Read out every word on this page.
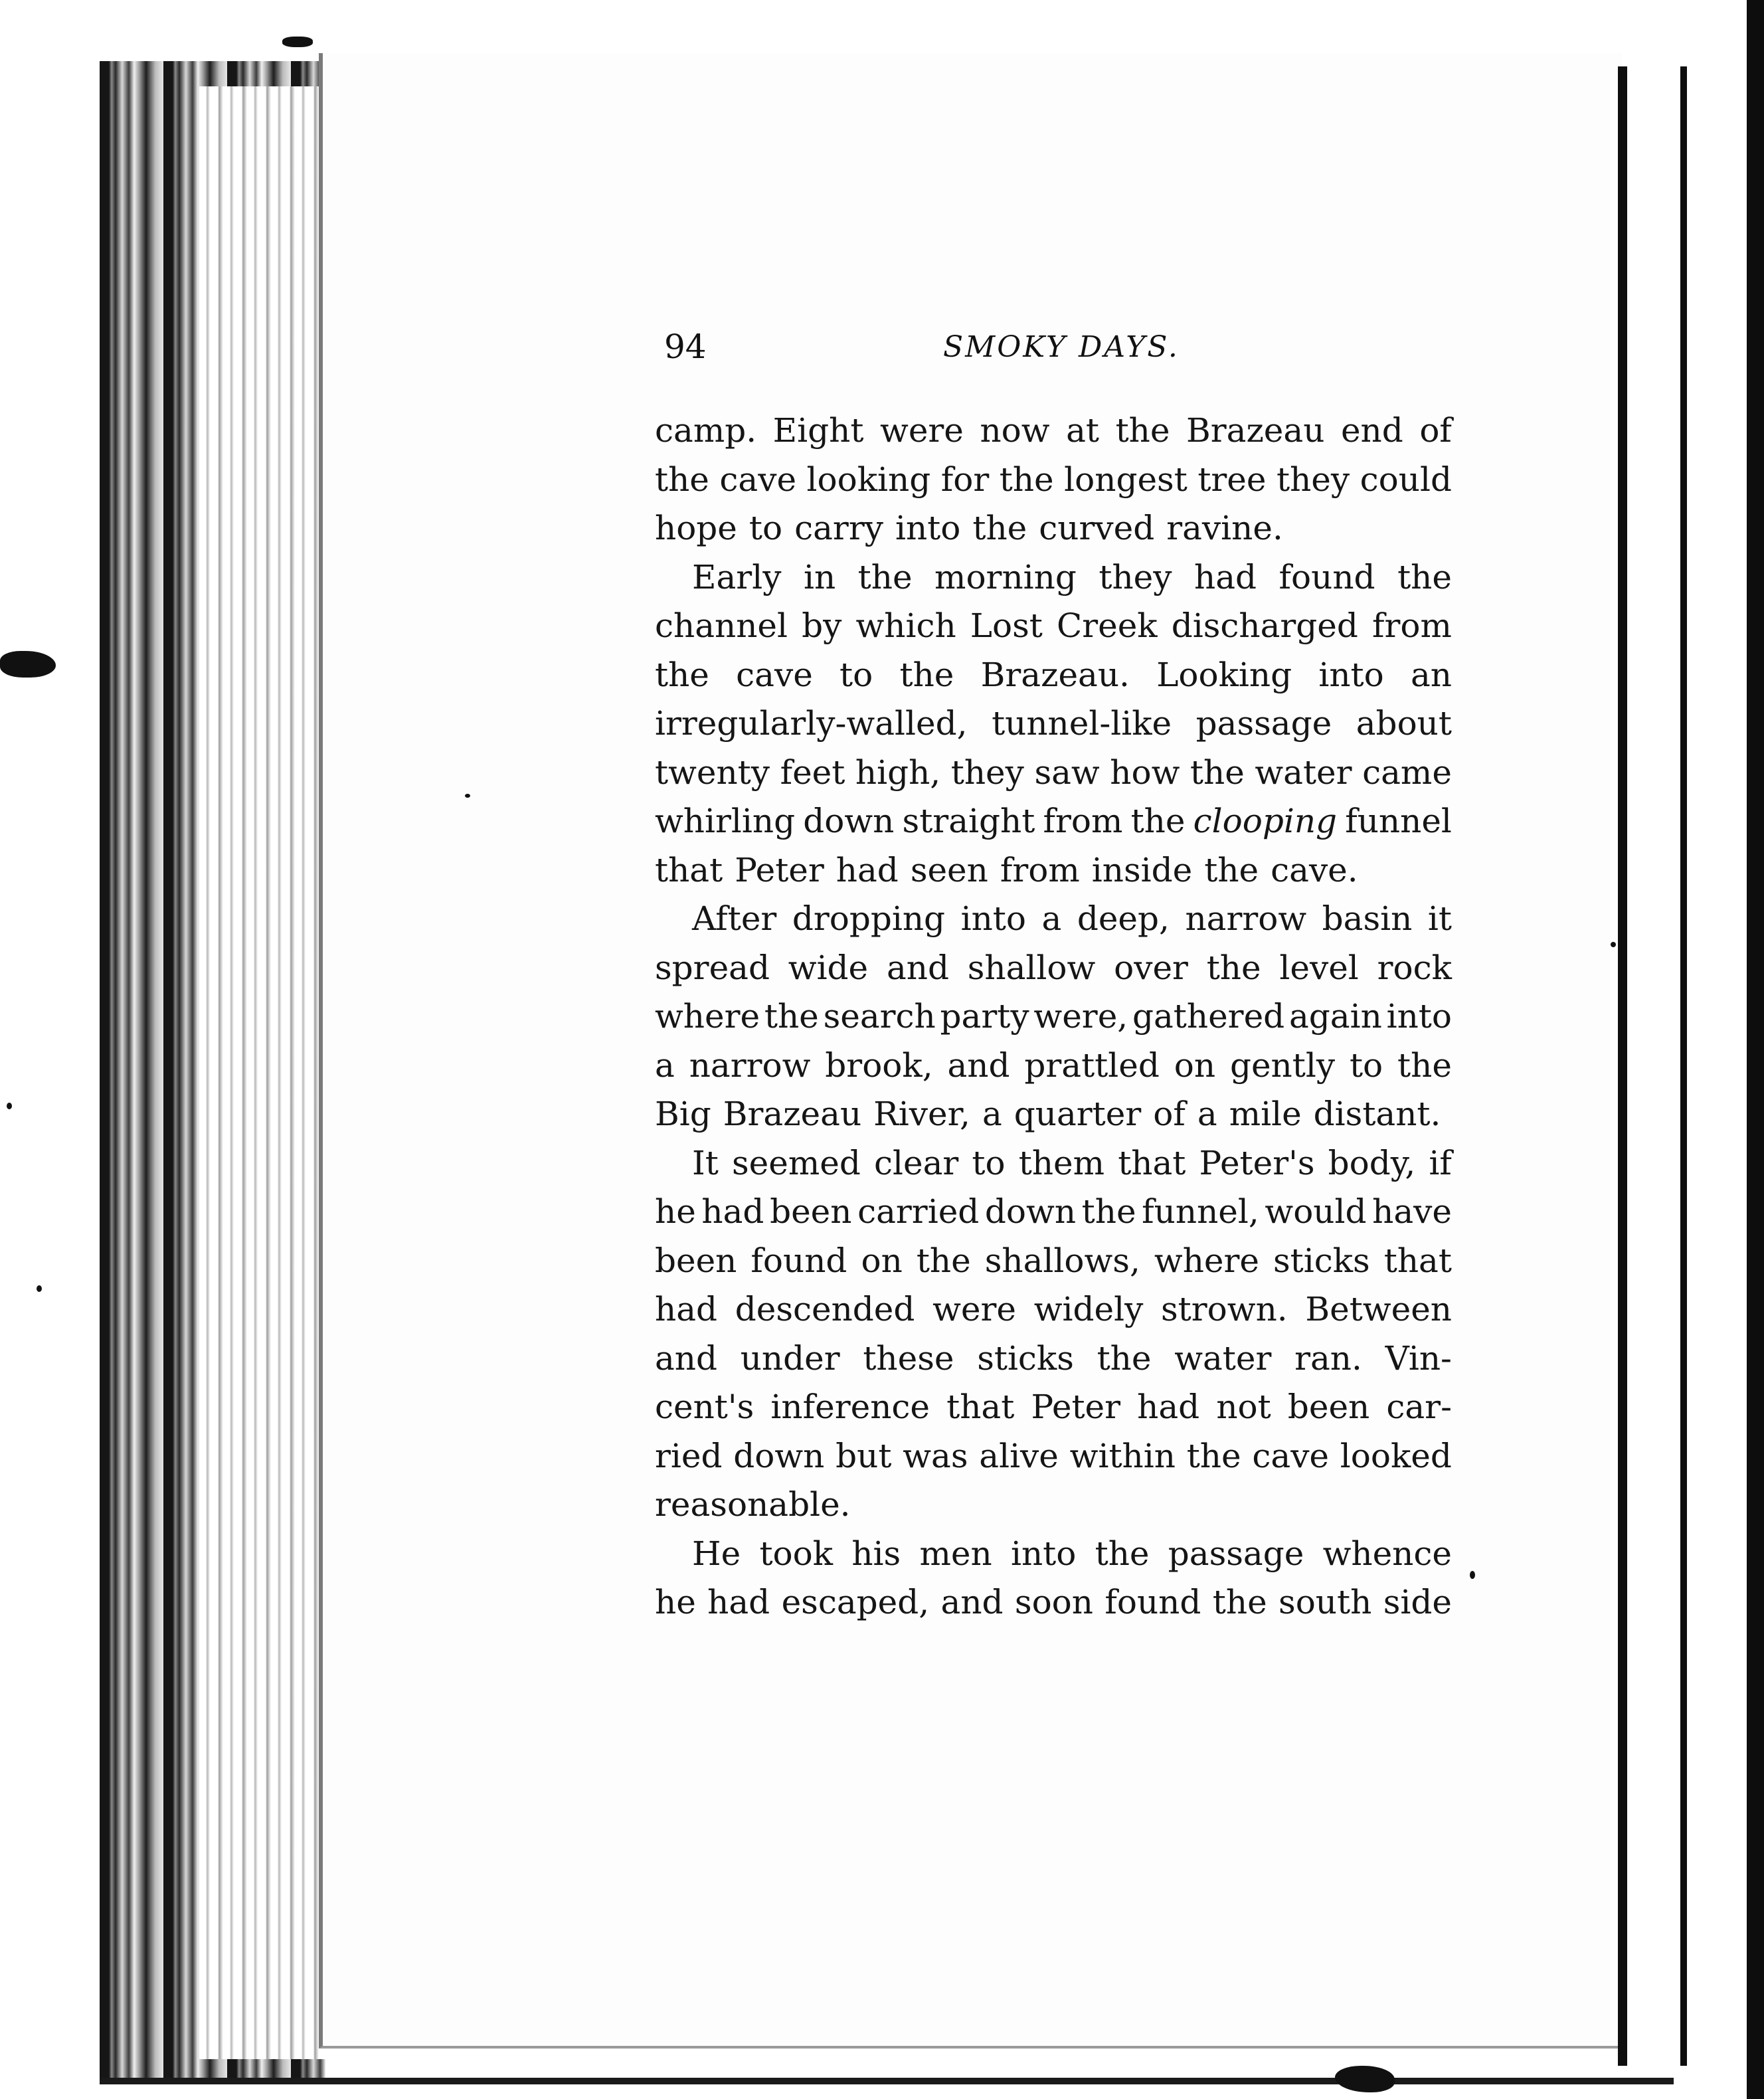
94	SMOKY DAYS.
camp. Eight were now at the Brazeau end of
the cave looking for the longest tree they could
hope to carry into the curved ravine.
Early in the morning they had found the
channel by which Lost Creek discharged from
the cave to the Brazeau. Looking into an
irregularly-walled, tunnel-like passage about
twenty feet high, they saw how the water came
whirling down straight from the clooping funnel
that Peter had seen from inside the cave.
After dropping into a deep, narrow basin it
spread wide and shallow over the level rock
where the search party were, gathered again into
a narrow brook, and prattled on gently to the
Big Brazeau River, a quarter of a mile distant.
It seemed clear to them that Peter's body, if
he had been carried down the funnel, would have
been found on the shallows, where sticks that
had descended were widely strown. Between
and under these sticks the water ran. Vin-
cent's inference that Peter had not been car-
ried down but was alive within the cave looked
reasonable.
He took his men into the passage whence
he had escaped, and soon found the south side
